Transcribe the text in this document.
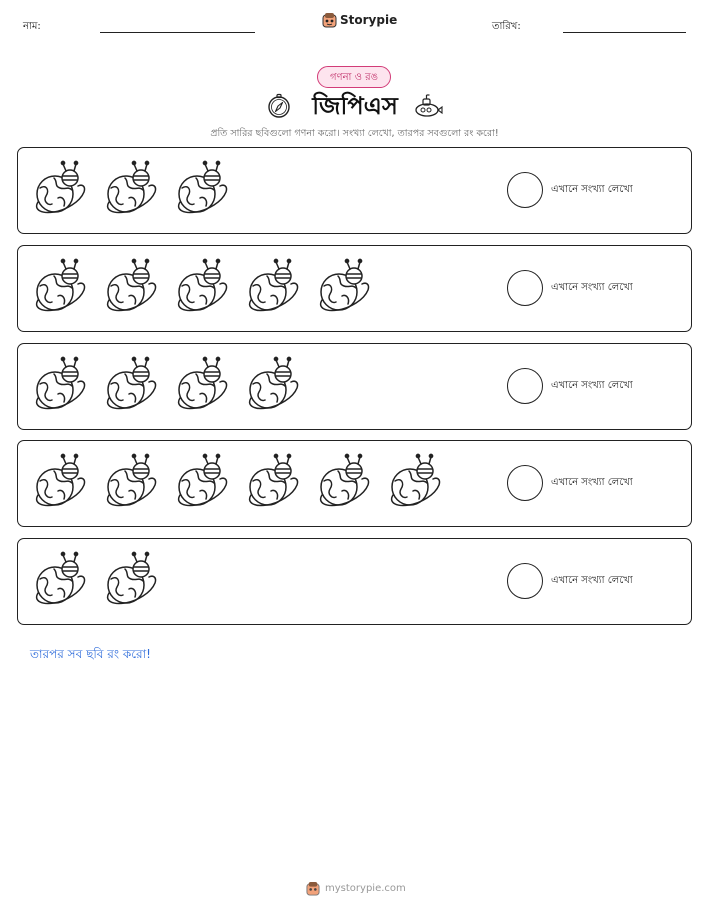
নাম:	Storypie	তারিখ:
গণনা ও রঙ
জিপিএস
প্রতি সারির ছবিগুলো গণনা করো। সংখ্যা লেখো, তারপর সবগুলো রং করো!
এখানে সংখ্যা লেখো
এখানে সংখ্যা লেখো
এখানে সংখ্যা লেখো
এখানে সংখ্যা লেখো
এখানে সংখ্যা লেখো
তারপর সব ছবি রং করো!
mystorypie.com
